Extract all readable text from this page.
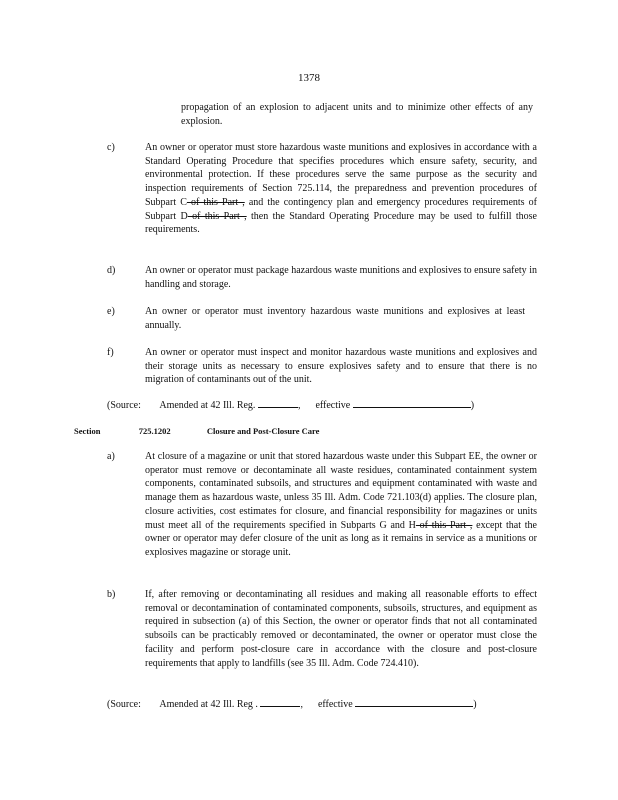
1378
propagation of an explosion to adjacent units and to minimize other effects of any explosion.
c)	An owner or operator must store hazardous waste munitions and explosives in accordance with a Standard Operating Procedure that specifies procedures which ensure safety, security, and environmental protection. If these procedures serve the same purpose as the security and inspection requirements of Section 725.114, the preparedness and prevention procedures of Subpart C of this Part , and the contingency plan and emergency procedures requirements of Subpart D of this Part , then the Standard Operating Procedure may be used to fulfill those requirements.
d)	An owner or operator must package hazardous waste munitions and explosives to ensure safety in handling and storage.
e)	An owner or operator must inventory hazardous waste munitions and explosives at least annually.
f)	An owner or operator must inspect and monitor hazardous waste munitions and explosives and their storage units as necessary to ensure explosives safety and to ensure that there is no migration of contaminants out of the unit.
(Source: Amended at 42 Ill. Reg.	, effective	)
Section	725.1202	Closure and Post-Closure Care
a)	At closure of a magazine or unit that stored hazardous waste under this Subpart EE, the owner or operator must remove or decontaminate all waste residues, contaminated containment system components, contaminated subsoils, and structures and equipment contaminated with waste and manage them as hazardous waste, unless 35 Ill. Adm. Code 721.103(d) applies. The closure plan, closure activities, cost estimates for closure, and financial responsibility for magazines or units must meet all of the requirements specified in Subparts G and H of this Part , except that the owner or operator may defer closure of the unit as long as it remains in service as a munitions or explosives magazine or storage unit.
b)	If, after removing or decontaminating all residues and making all reasonable efforts to effect removal or decontamination of contaminated components, subsoils, structures, and equipment as required in subsection (a) of this Section, the owner or operator finds that not all contaminated subsoils can be practicably removed or decontaminated, the owner or operator must close the facility and perform post-closure care in accordance with the closure and post-closure requirements that apply to landfills (see 35 Ill. Adm. Code 724.410).
(Source: Amended at 42 Ill. Reg .	, effective	)
